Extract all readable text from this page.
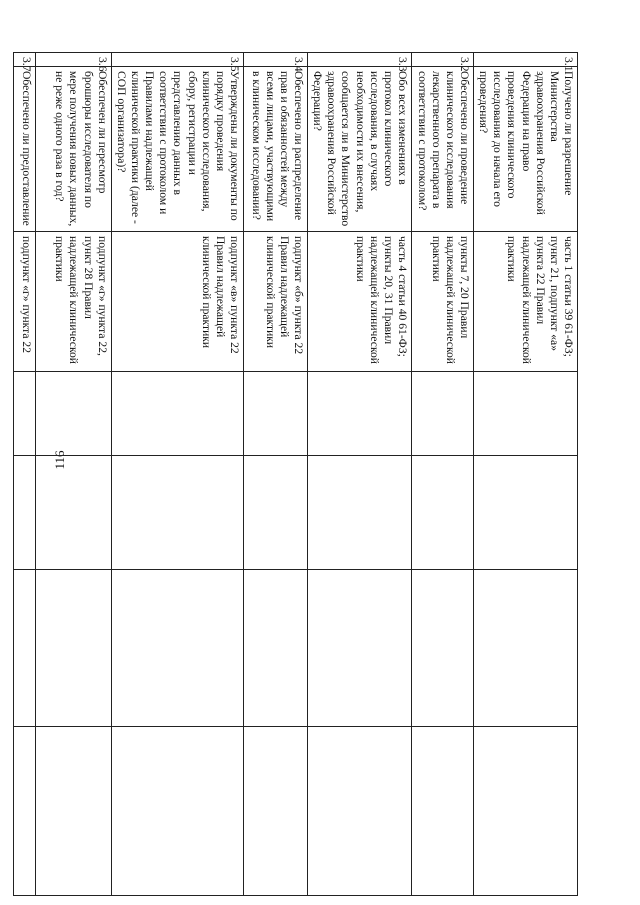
116
3.1	Получено ли разрешение Министерства здравоохранения Российской Федерации на право проведения клинического исследования до начала его проведения?	часть 1 статьи 39 61-ФЗ; пункт 21, подпункт «а» пункта 22 Правил надлежащей клинической практики				
3.2	Обеспечено ли проведение клинического исследования лекарственного препарата в соответствии с протоколом?	пункты 7, 20 Правил надлежащей клинической практики				
3.3	Обо всех изменениях в протокол клинического исследования, в случаях необходимости их внесения, сообщается ли в Министерство здравоохранения Российской Федерации?	часть 4 статьи 40 61-ФЗ; пункты 20, 31 Правил надлежащей клинической практики				
3.4	Обеспечено ли распределение прав и обязанностей между всеми лицами, участвующими в клиническом исследовании?	подпункт «б» пункта 22 Правил надлежащей клинической практики				
3.5	Утверждены ли документы по порядку проведения клинического исследования, сбору, регистрации и представлению данных в соответствии с протоколом и Правилами надлежащей клинической практики (далее - СОП организатора)?	подпункт «в» пункта 22 Правил надлежащей клинической практики				
3.6	Обеспечен ли пересмотр брошюры исследователя по мере получения новых данных, не реже одного раза в год?	подпункт «г» пункта 22, пункт 28 Правил надлежащей клинической практики				
3.7	Обеспечено ли предоставление	подпункт «г» пункта 22				
